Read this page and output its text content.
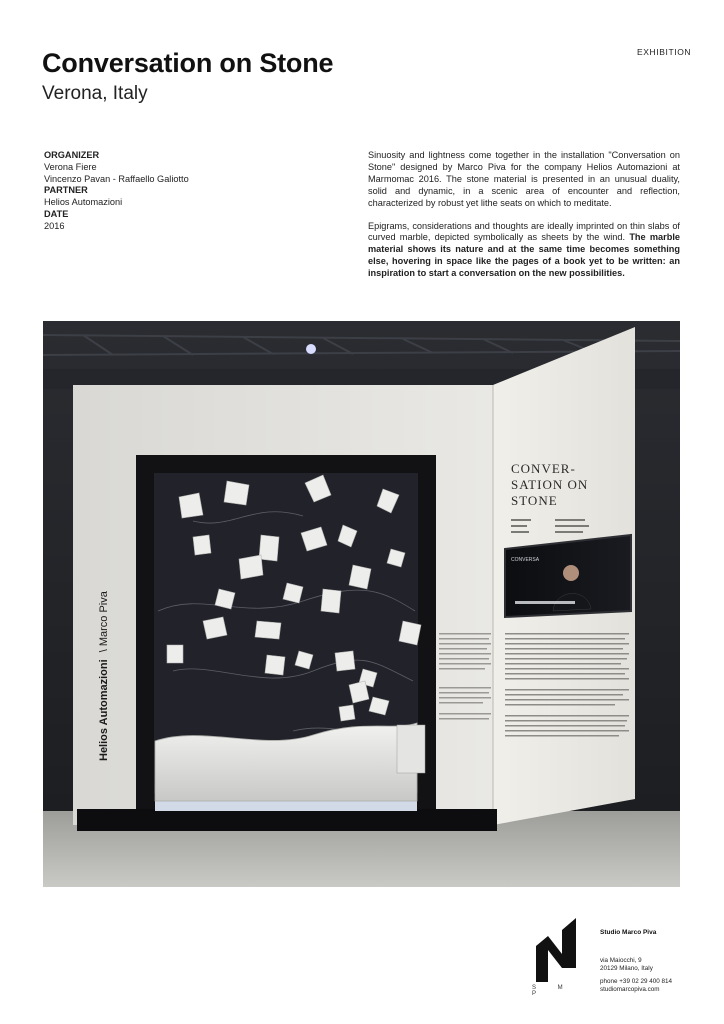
EXHIBITION
Conversation on Stone
Verona, Italy
ORGANIZER
Verona Fiere
Vincenzo Pavan - Raffaello Galiotto
PARTNER
Helios Automazioni
DATE
2016

Sinuosity and lightness come together in the installation "Conversation on Stone" designed by Marco Piva for the company Helios Automazioni at Marmomac 2016. The stone material is presented in an unusual duality, solid and dynamic, in a scenic area of encounter and reflection, characterized by robust yet lithe seats on which to meditate.

Epigrams, considerations and thoughts are ideally imprinted on thin slabs of curved marble, depicted symbolically as sheets by the wind. The marble material shows its nature and at the same time becomes something else, hovering in space like the pages of a book yet to be written: an inspiration to start a conversation on the new possibilities.

Helios Automazioni \ Marco Piva
CONVER-
SATION ON
STONE
CONVERSA
S M P
Studio Marco Piva
via Maiocchi, 9
20129 Milano, Italy
phone +39 02 29 400 814
studiomarcopiva.com
